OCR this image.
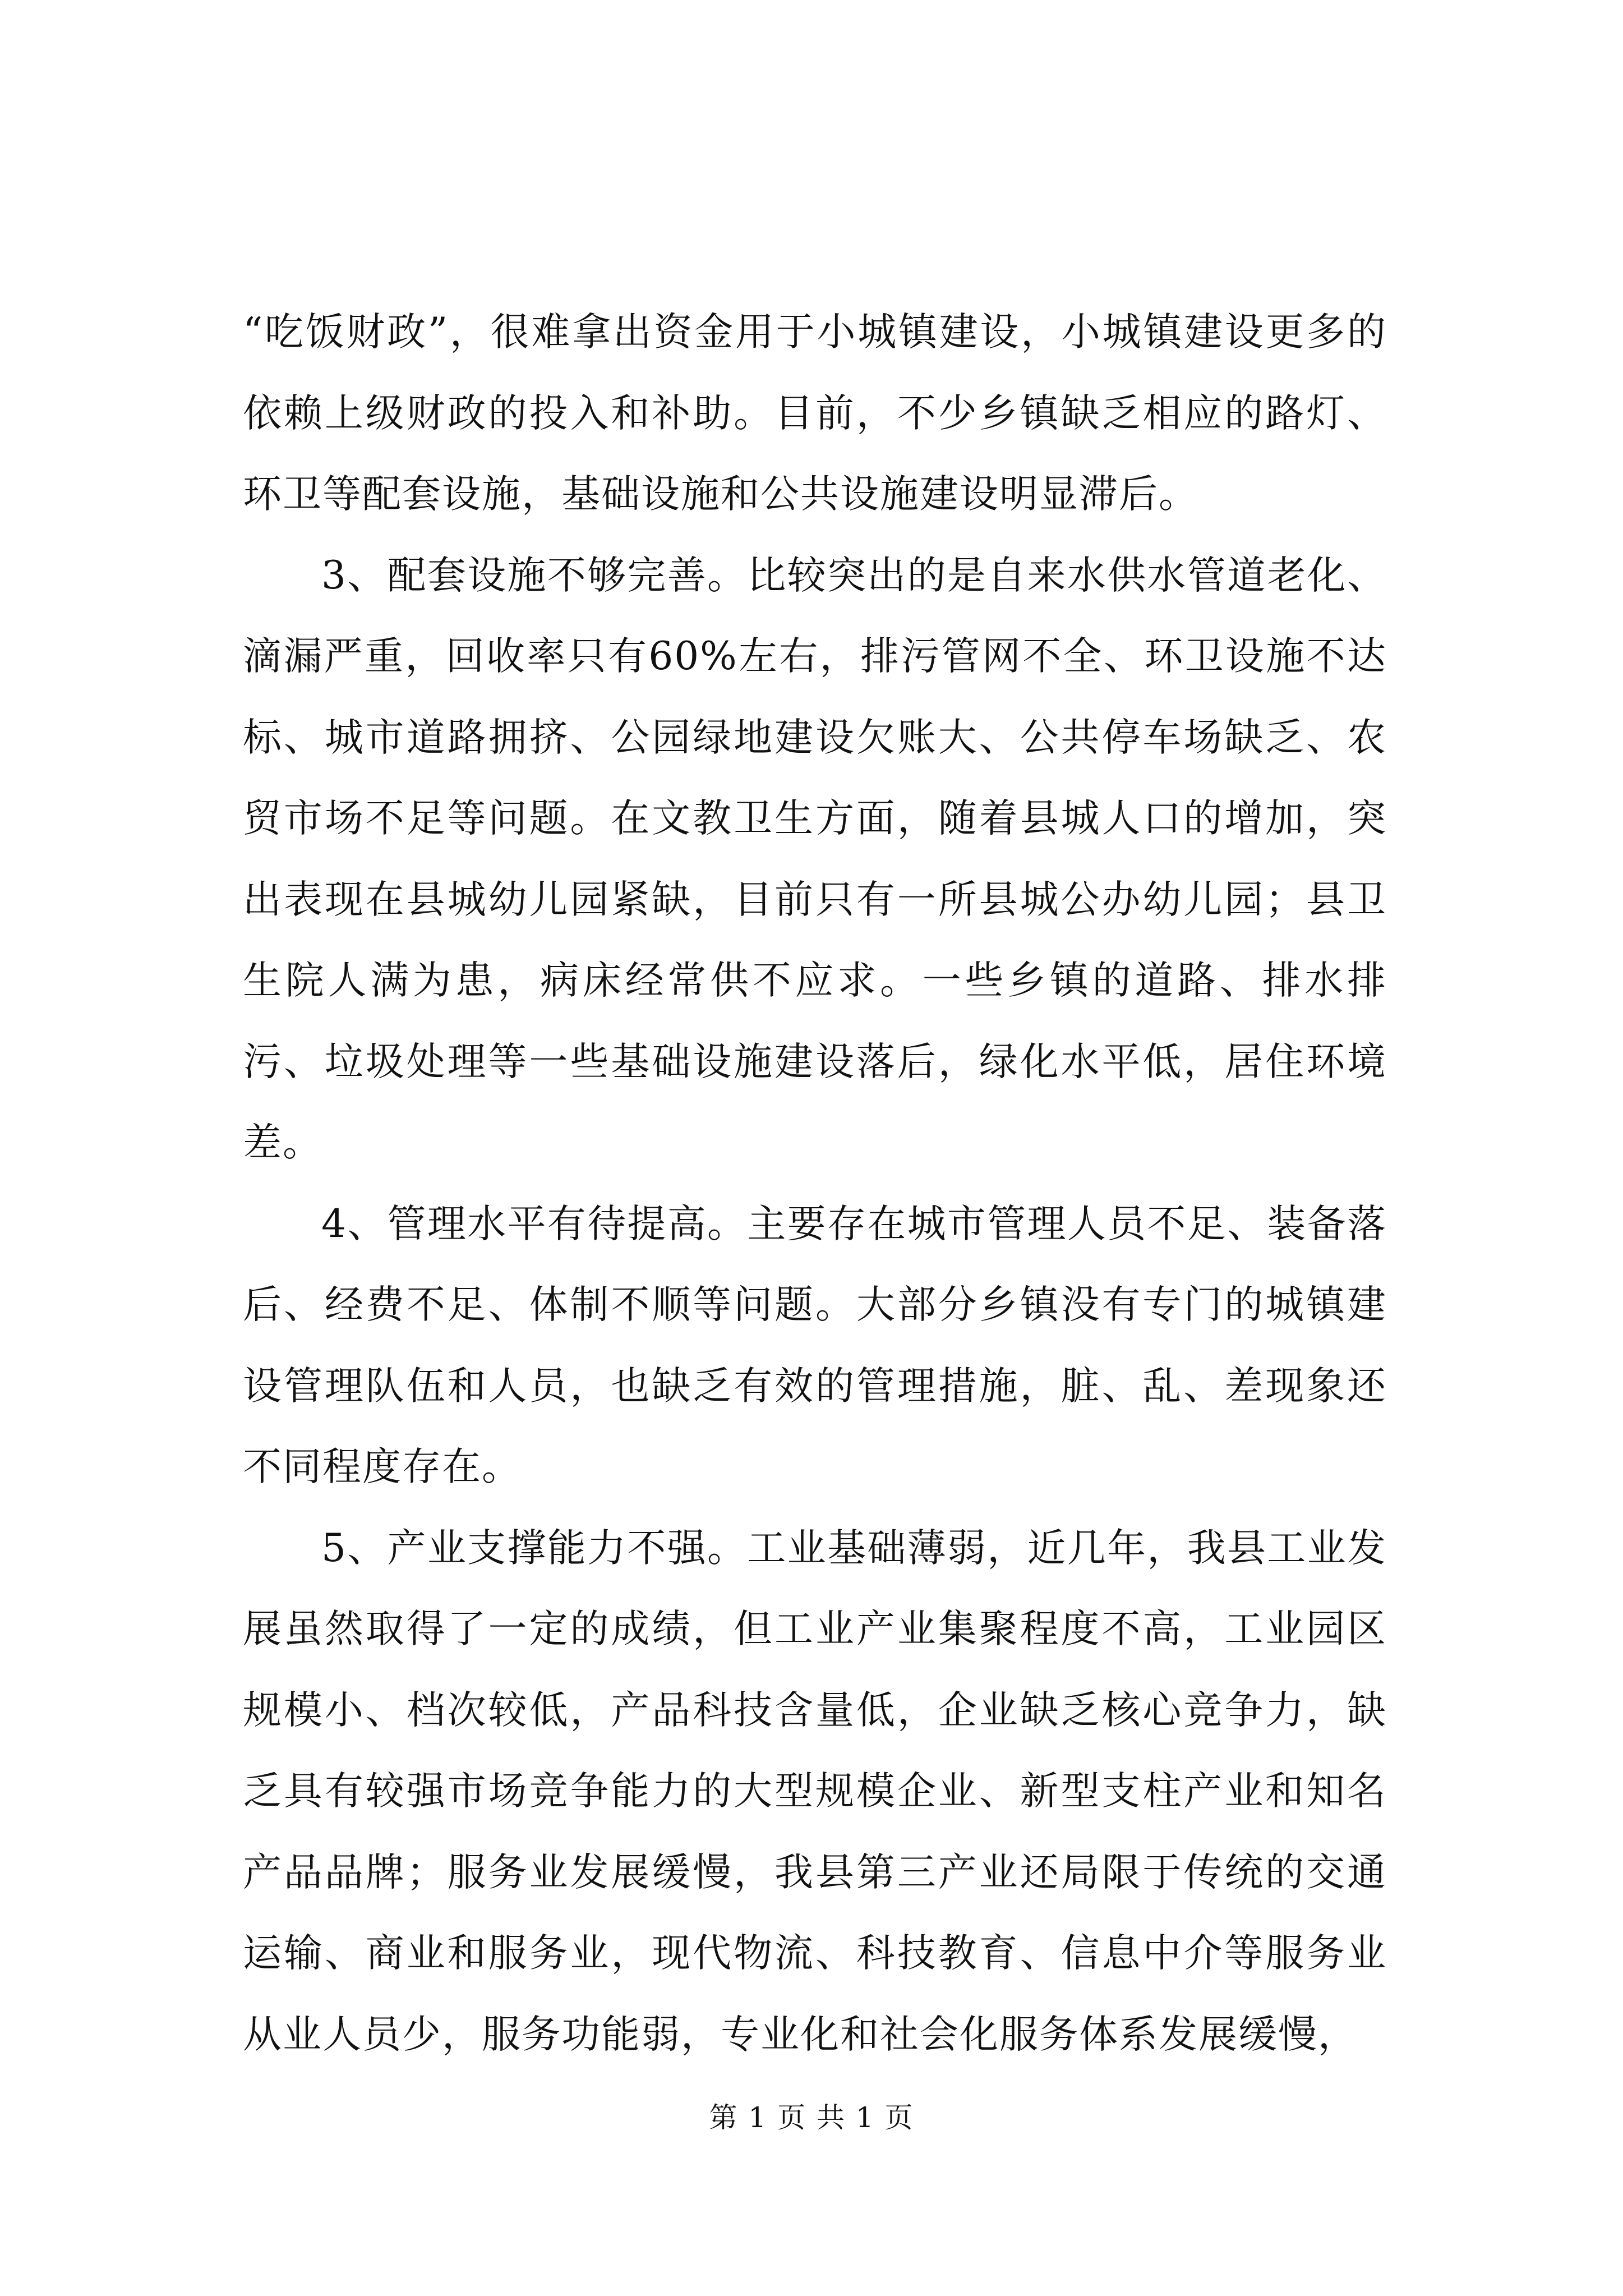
“吃饭财政”，很难拿出资金用于小城镇建设，小城镇建设更多的依赖上级财政的投入和补助。目前，不少乡镇缺乏相应的路灯、环卫等配套设施，基础设施和公共设施建设明显滞后。

3、配套设施不够完善。比较突出的是自来水供水管道老化、滴漏严重，回收率只有60%左右，排污管网不全、环卫设施不达标、城市道路拥挤、公园绿地建设欠账大、公共停车场缺乏、农贸市场不足等问题。在文教卫生方面，随着县城人口的增加，突出表现在县城幼儿园紧缺，目前只有一所县城公办幼儿园；县卫生院人满为患，病床经常供不应求。一些乡镇的道路、排水排污、垃圾处理等一些基础设施建设落后，绿化水平低，居住环境差。

4、管理水平有待提高。主要存在城市管理人员不足、装备落后、经费不足、体制不顺等问题。大部分乡镇没有专门的城镇建设管理队伍和人员，也缺乏有效的管理措施，脏、乱、差现象还不同程度存在。

5、产业支撑能力不强。工业基础薄弱，近几年，我县工业发展虽然取得了一定的成绩，但工业产业集聚程度不高，工业园区规模小、档次较低，产品科技含量低，企业缺乏核心竞争力，缺乏具有较强市场竞争能力的大型规模企业、新型支柱产业和知名产品品牌；服务业发展缓慢，我县第三产业还局限于传统的交通运输、商业和服务业，现代物流、科技教育、信息中介等服务业从业人员少，服务功能弱，专业化和社会化服务体系发展缓慢，

第 1 页 共 1 页
